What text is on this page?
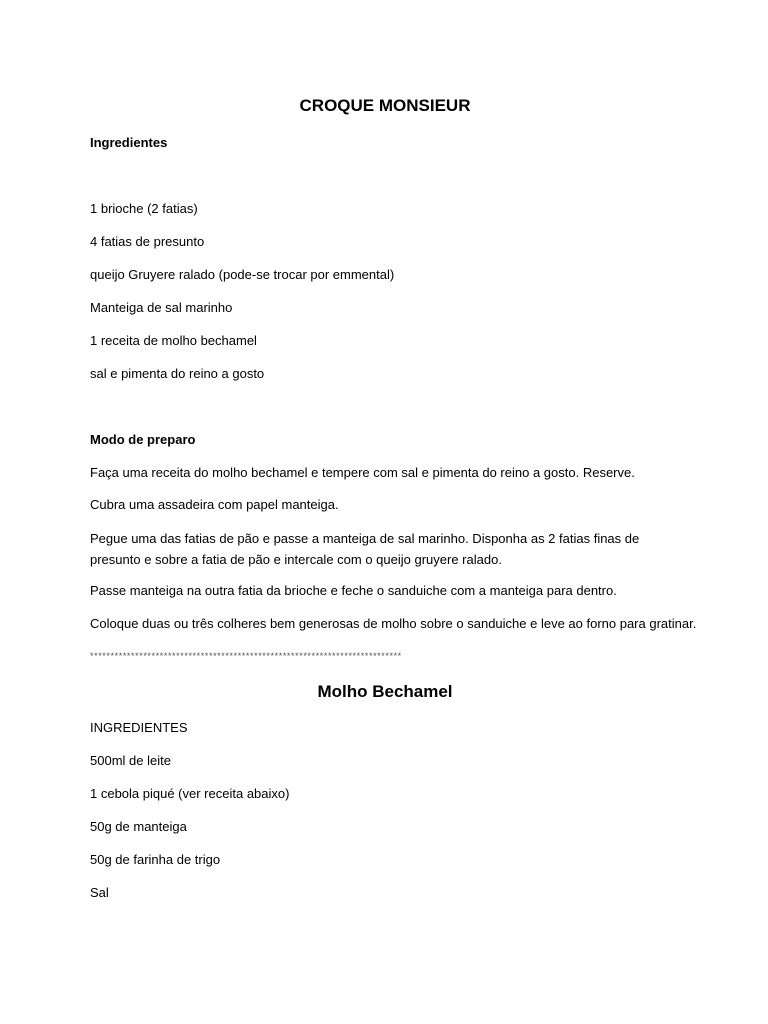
CROQUE MONSIEUR

Ingredientes

1 brioche (2 fatias)

4 fatias de presunto

queijo Gruyere ralado (pode-se trocar por emmental)

Manteiga de sal marinho

1 receita de molho bechamel

sal e pimenta do reino a gosto

Modo de preparo

Faça uma receita do molho bechamel e tempere com sal e pimenta do reino a gosto. Reserve.

Cubra uma assadeira com papel manteiga.

Pegue uma das fatias de pão e passe a manteiga de sal marinho. Disponha as 2 fatias finas de presunto e sobre a fatia de pão e intercale com o queijo gruyere ralado.

Passe manteiga na outra fatia da brioche e feche o sanduiche com a manteiga para dentro.

Coloque duas ou três colheres bem generosas de molho sobre o sanduiche e leve ao forno para gratinar.

****************************************************************************

Molho Bechamel

INGREDIENTES

500ml de leite

1 cebola piqué (ver receita abaixo)

50g de manteiga

50g de farinha de trigo

Sal
